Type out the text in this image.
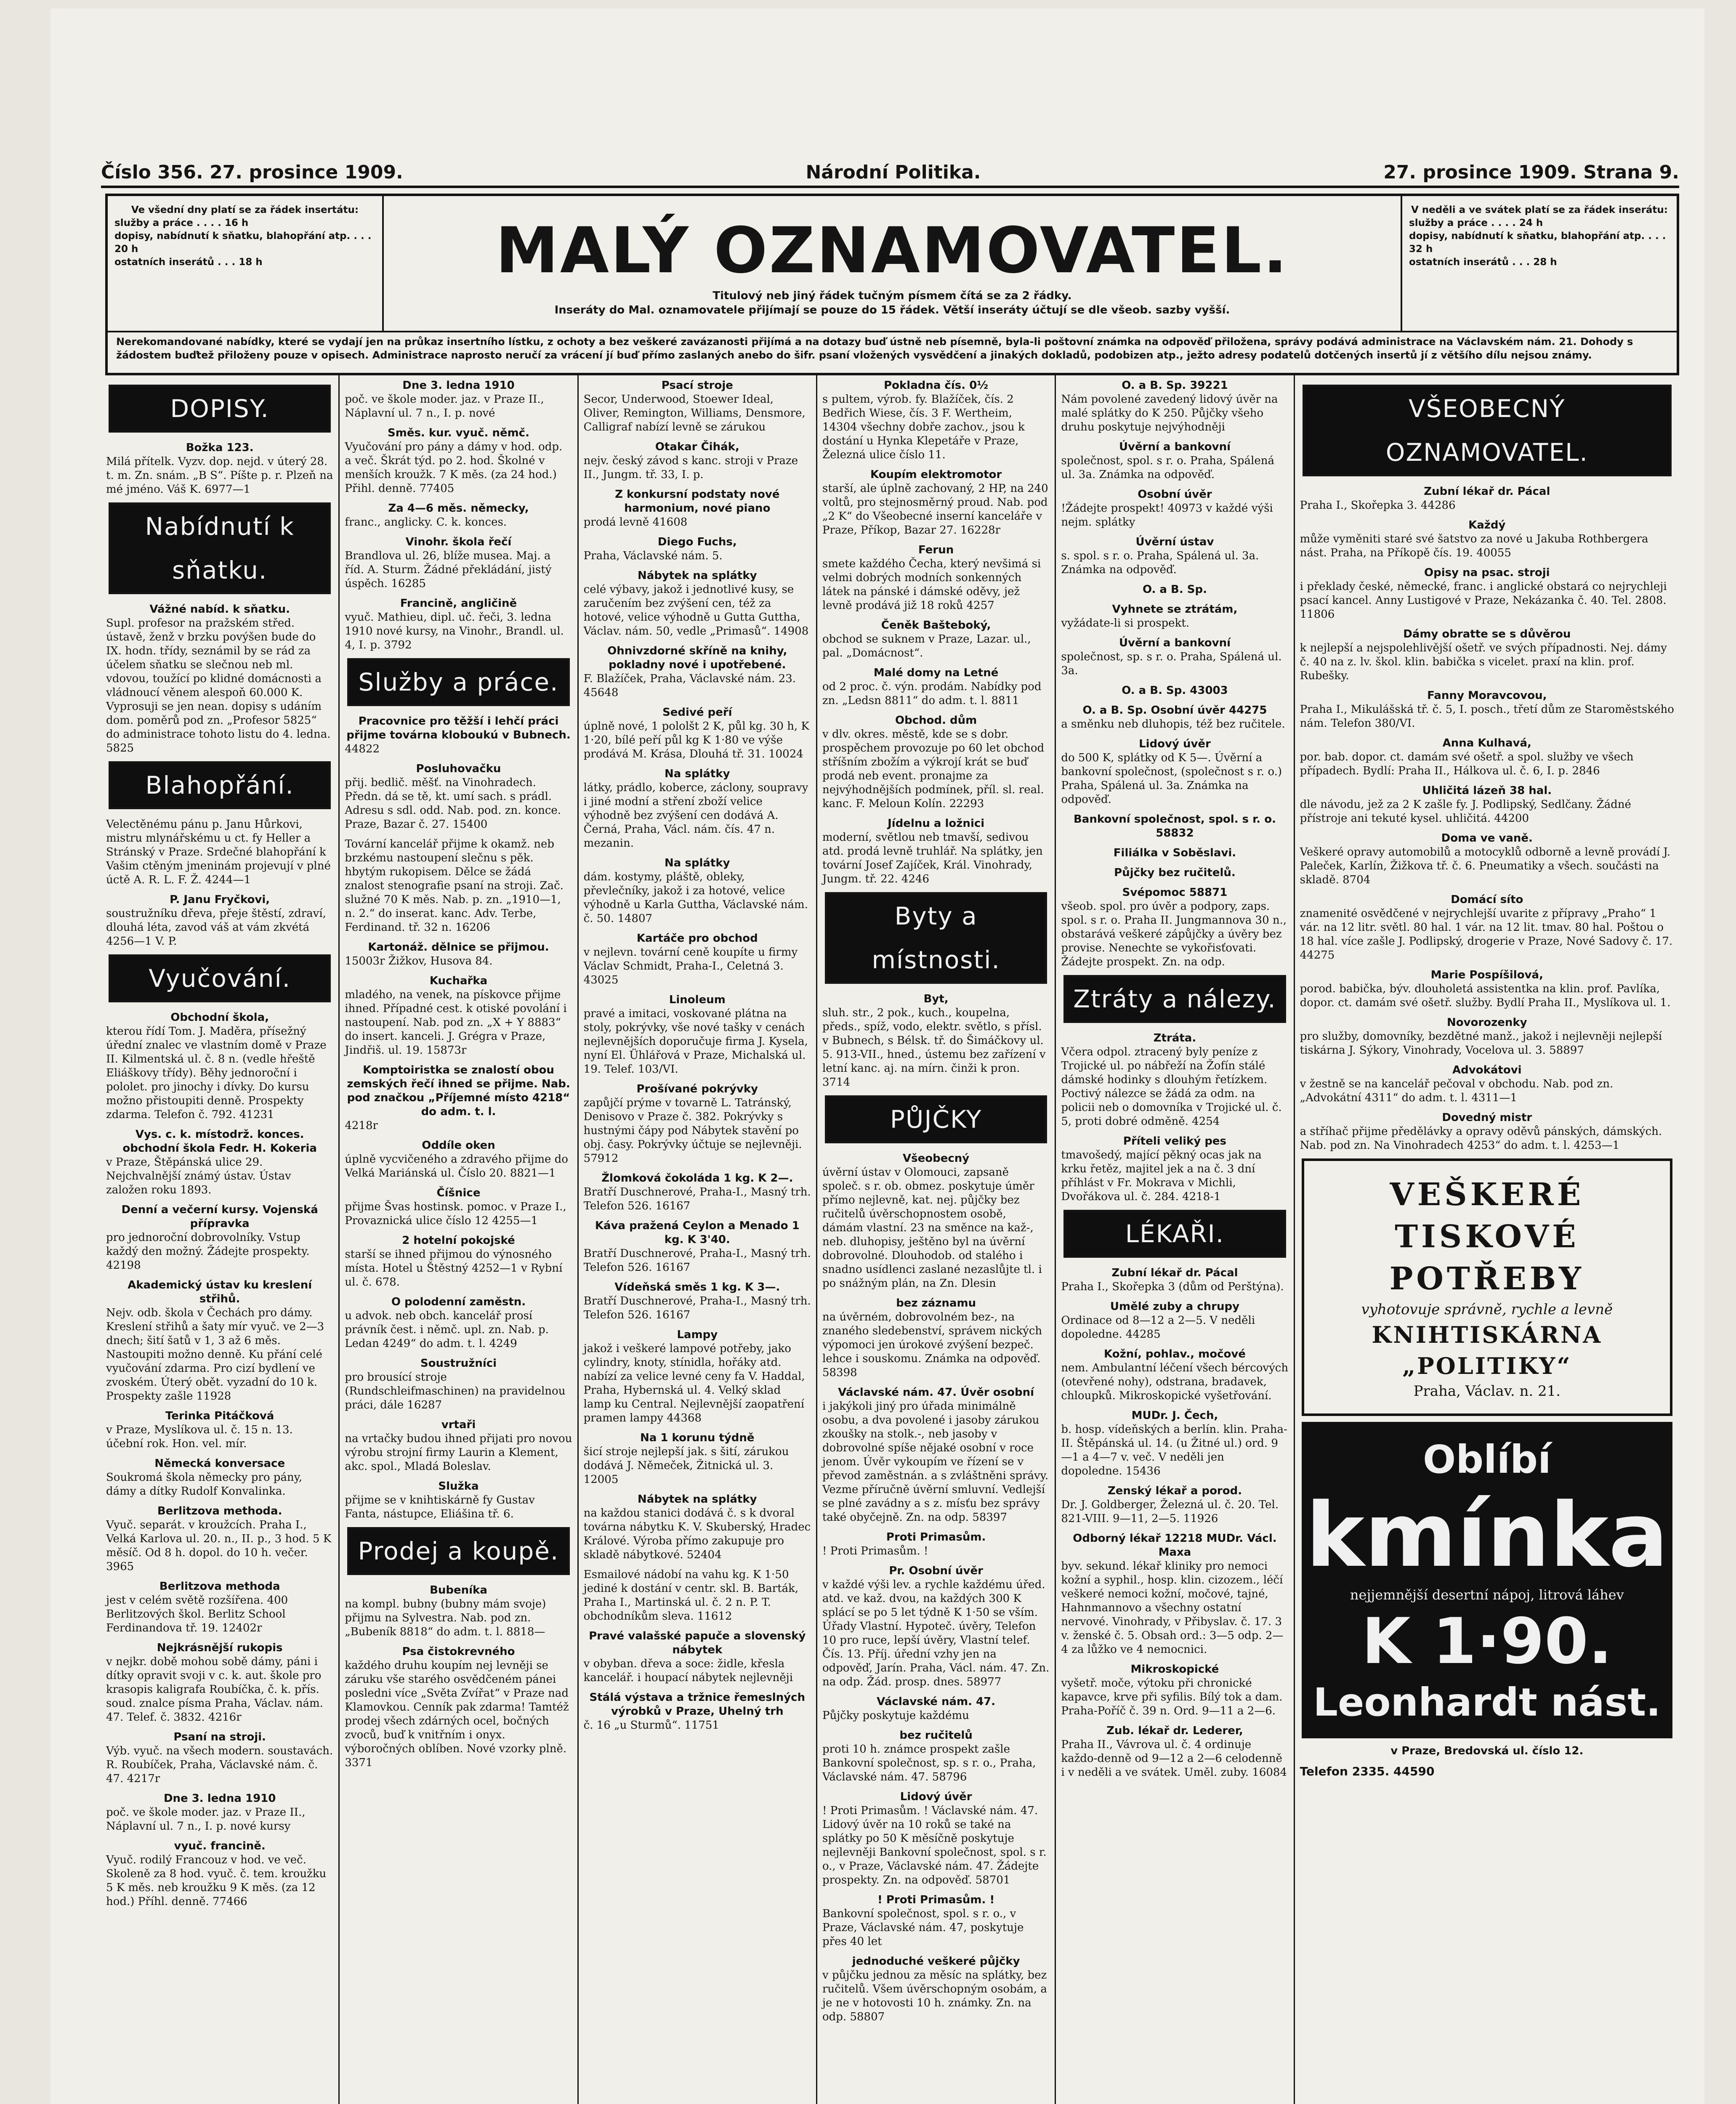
Číslo 356. 27. prosince 1909.	Národní Politika.	27. prosince 1909. Strana 9.
Ve všední dny platí se za řádek insertátu:
služby a práce . . . . 16 h
dopisy, nabídnutí k sňatku, blahopřání atp. . . . 20 h
ostatních inserátů . . . 18 h	MALÝ OZNAMOVATEL.
Titulový neb jiný řádek tučným písmem čítá se za 2 řádky.
Inseráty do Mal. oznamovatele přijímají se pouze do 15 řádek. Větší inseráty účtují se dle všeob. sazby vyšší.
V neděli a ve svátek platí se za řádek inserátu:
služby a práce . . . . 24 h
dopisy, nabídnutí k sňatku, blahopřání atp. . . . 32 h
ostatních inserátů . . . 28 h
Nerekomandované nabídky, které se vydají jen na průkaz insertního lístku, z ochoty a bez veškeré zavázanosti přijímá a na dotazy buď ústně neb písemně, byla-li poštovní známka na odpověď přiložena, správy podává administrace na Václavském nám. 21. Dohody s žádostem buďtež přiloženy pouze v opisech. Administrace naprosto neručí za vrácení jí buď přímo zaslaných anebo do šifr. psaní vložených vysvědčení a jinakých dokladů, podobizen atp., ježto adresy podatelů dotčených insertů jí z většího dílu nejsou známy.
DOPISY.
Božka 123.
Milá přítelk. Vyzv. dop. nejd. v úterý 28. t. m. Zn. snám. „B S“. Píšte p. r. Plzeň na mé jméno. Váš K. 6977—1
Nabídnutí k sňatku.
Vážné nabíd. k sňatku.
Supl. profesor na pražském střed. ústavě, ženž v brzku povýšen bude do IX. hodn. třídy, seznámil by se rád za účelem sňatku se slečnou neb ml. vdovou, toužící po klidné domácnosti a vládnoucí věnem alespoň 60.000 K. Vyprosuji se jen nean. dopisy s udáním dom. poměrů pod zn. „Profesor 5825“ do administrace tohoto listu do 4. ledna. 5825
Blahopřání.
Velectěnému pánu p. Janu Hůrkovi, mistru mlynářskému u ct. fy Heller a Stránský v Praze. Srdečné blahopřání k Vašim ctěným jmeninám projevují v plné úctě A. R. L. F. Ž. 4244—1
P. Janu Fryčkovi,
soustružníku dřeva, přeje štěstí, zdraví, dlouhá léta, zavod váš at vám zkvétá 4256—1 V. P.
Vyučování.
Obchodní škola,
kterou řídí Tom. J. Maděra, přísežný úřední znalec ve vlastním domě v Praze II. Kilmentská ul. č. 8 n. (vedle hřeště Eliáškovy třídy). Běhy jednoroční i pololet. pro jinochy i dívky. Do kursu možno přistoupiti denně. Prospekty zdarma. Telefon č. 792. 41231
Vys. c. k. místodrž. konces. obchodní škola Fedr. H. Kokeria
v Praze, Štěpánská ulice 29. Nejchvalnější známý ústav. Ústav založen roku 1893.
Denní a večerní kursy. Vojenská přípravka
pro jednoroční dobrovolníky. Vstup každý den možný. Žádejte prospekty. 42198
Akademický ústav ku kreslení střihů.
Nejv. odb. škola v Čechách pro dámy. Kreslení střihů a šaty mír vyuč. ve 2—3 dnech; šití šatů v 1, 3 až 6 měs. Nastoupiti možno denně. Ku přání celé vyučování zdarma. Pro cizí bydlení ve zvoském. Úterý obět. vyzadní do 10 k. Prospekty zašle 11928
Terinka Pitáčková
v Praze, Myslíkova ul. č. 15 n. 13. účební rok. Hon. vel. mír.
Německá konversace
Soukromá škola německy pro pány, dámy a dítky Rudolf Konvalinka.
Berlitzova methoda.
Vyuč. separát. v kroužcích. Praha I., Velká Karlova ul. 20. n., II. p., 3 hod. 5 K měsíč. Od 8 h. dopol. do 10 h. večer. 3965
Berlitzova methoda
jest v celém světě rozšířena. 400 Berlitzových škol. Berlitz School Ferdinandova tř. 19. 12402r
Nejkrásnější rukopis
v nejkr. době mohou sobě dámy, páni i dítky opravit svoji v c. k. aut. škole pro krasopis kaligrafa Roubíčka, č. k. přís. soud. znalce písma Praha, Václav. nám. 47. Telef. č. 3832. 4216r
Psaní na stroji.
Výb. vyuč. na všech modern. soustavách. R. Roubíček, Praha, Václavské nám. č. 47. 4217r
Dne 3. ledna 1910
poč. ve škole moder. jaz. v Praze II., Náplavní ul. 7 n., I. p. nové kursy
vyuč. francině.
Vyuč. rodilý Francouz v hod. ve več. Skoleně za 8 hod. vyuč. č. tem. kroužku 5 K měs. neb kroužku 9 K měs. (za 12 hod.) Příhl. denně. 77466
Dne 3. ledna 1910
poč. ve škole moder. jaz. v Praze II., Náplavní ul. 7 n., I. p. nové
Směs. kur. vyuč. němč.
Vyučování pro pány a dámy v hod. odp. a več. Škrát týd. po 2. hod. Školné v menších kroužk. 7 K měs. (za 24 hod.) Přihl. denně. 77405
Za 4—6 měs. německy,
franc., anglicky. C. k. konces.
Vinohr. škola řečí
Brandlova ul. 26, blíže musea. Maj. a říd. A. Sturm. Žádné překládání, jistý úspěch. 16285
Francině, angličině
vyuč. Mathieu, dipl. uč. řeči, 3. ledna 1910 nové kursy, na Vinohr., Brandl. ul. 4, I. p. 3792
Služby a práce.
Pracovnice pro těžší i lehčí práci přijme továrna kloboukú v Bubnech.
44822
Posluhovačku
přij. bedlič. měšť. na Vinohradech. Předn. dá se tě, kt. umí sach. s prádl. Adresu s sdl. odd. Nab. pod. zn. konce. Praze, Bazar č. 27. 15400
Tovární kancelář přijme k okamž. neb brzkému nastoupení slečnu s pěk. hbytým rukopisem. Dělce se žádá znalost stenografie psaní na stroji. Zač. služné 70 K měs. Nab. p. zn. „1910—1, n. 2.“ do inserat. kanc. Adv. Terbe, Ferdinand. tř. 32 n. 16206
Kartonáž. dělnice se přijmou.
15003r Žižkov, Husova 84.
Kuchařka
mladého, na venek, na pískovce přijme ihned. Případné cest. k otiské povolání i nastoupení. Nab. pod zn. „X + Y 8883“ do insert. kanceli. J. Grégra v Praze, Jindřiš. ul. 19. 15873r
Komptoiristka se znalostí obou zemských řečí ihned se přijme. Nab. pod značkou „Příjemné místo 4218“ do adm. t. l.
4218r
Oddíle oken
úplně vycvičeného a zdravého přijme do Velká Mariánská ul. Číslo 20. 8821—1
Číšnice
přijme Švas hostinsk. pomoc. v Praze I., Provaznická ulice číslo 12 4255—1
2 hotelní pokojské
starší se ihned přijmou do výnosného místa. Hotel u Štěstný 4252—1 v Rybní ul. č. 678.
O polodenní zaměstn.
u advok. neb obch. kancelář prosí právník čest. i němč. upl. zn. Nab. p. Ledan 4249“ do adm. t. l. 4249
Soustružníci
pro brousící stroje (Rundschleifmaschinen) na pravidelnou práci, dále 16287
vrtaři
na vrtačky budou ihned přijati pro novou výrobu strojní firmy Laurin a Klement, akc. spol., Mladá Boleslav.
Služka
přijme se v knihtiskárně fy Gustav Fanta, nástupce, Eliášina tř. 6.
Prodej a koupě.
Bubeníka
na kompl. bubny (bubny mám svoje) přijmu na Sylvestra. Nab. pod zn. „Bubeník 8818“ do adm. t. l. 8818—
Psa čistokrevného
každého druhu koupím nej levněji se záruku vše starého osvědčeném pánei posledni více „Světa Zvířat“ v Praze nad Klamovkou. Cenník pak zdarma! Tamtéž prodej všech zdárných ocel, bočných zvoců, buď k vnitřním i onyx. výboročných oblíben. Nové vzorky plně. 3371
Psací stroje
Secor, Underwood, Stoewer Ideal, Oliver, Remington, Williams, Densmore, Calligraf nabízí levně se zárukou
Otakar Čihák,
nejv. český závod s kanc. stroji v Praze II., Jungm. tř. 33, I. p.
Z konkursní podstaty nové harmonium, nové piano
prodá levně 41608
Diego Fuchs,
Praha, Václavské nám. 5.
Nábytek na splátky
celé výbavy, jakož i jednotlivé kusy, se zaručením bez zvýšení cen, též za hotové, velice výhodně u Gutta Guttha, Václav. nám. 50, vedle „Primasů“. 14908
Ohnivzdorné skříně na knihy, pokladny nové i upotřebené.
F. Blažíček, Praha, Václavské nám. 23. 45648
Sedivé peří
úplně nové, 1 pololšt 2 K, půl kg. 30 h, K 1·20, bílé peří půl kg K 1·80 ve výše prodává M. Krása, Dlouhá tř. 31. 10024
Na splátky
látky, prádlo, koberce, záclony, soupravy i jiné modní a stření zboží velice výhodně bez zvýšení cen dodává A. Černá, Praha, Václ. nám. čís. 47 n. mezanin.
Na splátky
dám. kostymy, pláště, obleky, převlečníky, jakož i za hotové, velice výhodně u Karla Guttha, Václavské nám. č. 50. 14807
Kartáče pro obchod
v nejlevn. tovární ceně koupíte u firmy Václav Schmidt, Praha-I., Celetná 3. 43025
Linoleum
pravé a imitaci, voskované plátna na stoly, pokrývky, vše nové tašky v cenách nejlevnějších doporučuje firma J. Kysela, nyní El. Ühlářová v Praze, Michalská ul. 19. Telef. 103/VI.
Prošívané pokrývky
zapůjčí prýme v tovarně L. Tatránský, Denisovo v Praze č. 382. Pokrývky s hustnými čápy pod Nábytek stavění po obj. časy. Pokrývky účtuje se nejlevněji. 57912
Žlomková čokoláda 1 kg. K 2—.
Bratří Duschnerové, Praha-I., Masný trh. Telefon 526. 16167
Káva pražená Ceylon a Menado 1 kg. K 3'40.
Bratří Duschnerové, Praha-I., Masný trh. Telefon 526. 16167
Vídeňská směs 1 kg. K 3—.
Bratří Duschnerové, Praha-I., Masný trh. Telefon 526. 16167
Lampy
jakož i veškeré lampové potřeby, jako cylindry, knoty, stínidla, hořáky atd. nabízí za velice levné ceny fa V. Haddal, Praha, Hybernská ul. 4. Velký sklad lamp ku Central. Nejlevnější zaopatření pramen lampy 44368
Na 1 korunu týdně
šicí stroje nejlepší jak. s šití, zárukou dodává J. Němeček, Žitnická ul. 3. 12005
Nábytek na splátky
na každou stanici dodává č. s k dvoral továrna nábytku K. V. Skuberský, Hradec Králové. Výroba přímo zakupuje pro skladě nábytkové. 52404
Esmailové nádobí na vahu kg. K 1·50 jediné k dostání v centr. skl. B. Barták, Praha I., Martinská ul. č. 2 n. P. T. obchodníkům sleva. 11612
Pravé valašské papuče a slovenský nábytek
v obyban. dřeva a soce: židle, křesla kancelář. i houpací nábytek nejlevněji
Stálá výstava a tržnice řemeslných výrobků v Praze, Uhelný trh
č. 16 „u Sturmů“. 11751
Pokladna čís. 0½
s pultem, výrob. fy. Blažíček, čís. 2 Bedřich Wiese, čís. 3 F. Wertheim, 14304 všechny dobře zachov., jsou k dostání u Hynka Klepetáře v Praze, Železná ulice číslo 11.
Koupím elektromotor
starší, ale úplně zachovaný, 2 HP, na 240 voltů, pro stejnosměrný proud. Nab. pod „2 K“ do Všeobecné inserní kanceláře v Praze, Příkop, Bazar 27. 16228r
Ferun
smete každého Čecha, který nevšimá si velmi dobrých modních sonkenných látek na pánské i dámské oděvy, jež levně prodává již 18 roků 4257
Čeněk Bašteboký,
obchod se suknem v Praze, Lazar. ul., pal. „Domácnost“.
Malé domy na Letné
od 2 proc. č. výn. prodám. Nabídky pod zn. „Ledsn 8811“ do adm. t. l. 8811
Obchod. dům
v dlv. okres. městě, kde se s dobr. prospěchem provozuje po 60 let obchod stříšním zbožím a výkrojí krát se buď prodá neb event. pronajme za nejvýhodnějších podmínek, příl. sl. real. kanc. F. Meloun Kolín. 22293
Jídelnu a ložnici
moderní, světlou neb tmavší, sedivou atd. prodá levně truhlář. Na splátky, jen tovární Josef Zajíček, Král. Vinohrady, Jungm. tř. 22. 4246
Byty a místnosti.
Byt,
sluh. str., 2 pok., kuch., koupelna, předs., spíž, vodo, elektr. světlo, s přísl. v Bubnech, s Bélsk. tř. do Šimáčkovy ul. 5. 913-VII., hned., ústemu bez zařízení v letní kanc. aj. na mírn. činži k pron. 3714
PŮJČKY
Všeobecný
úvěrní ústav v Olomouci, zapsaně společ. s r. ob. obmez. poskytuje úměr přímo nejlevně, kat. nej. půjčky bez ručitelů úvěrschopnostem osobě, dámám vlastní. 23 na směnce na kaž-, neb. dluhopisy, ještěno byl na úvěrní dobrovolné. Dlouhodob. od stalého i snadno usídlenci zaslané nezaslůjte tl. i po snážným plán, na Zn. Dlesin
bez záznamu
na úvěrném, dobrovolném bez-, na znaného sledebenství, správem nických výpomoci jen úrokové zvýšení bezpeč. lehce i souskomu. Známka na odpověď. 58398
Václavské nám. 47. Úvěr osobní
i jakýkoli jiný pro úřada minimálně osobu, a dva povolené i jasoby zárukou zkoušky na stolk.-, neb jasoby v dobrovolné spíše nějaké osobní v roce jenom. Úvěr vykoupím ve řízení se v převod zaměstnán. a s zvláštněni správy. Vezme příručně úvěrní smluvní. Vedlejší se plné zavádny a s z. mísťu bez správy také obyčejně. Zn. na odp. 58397
Proti Primasům.
! Proti Primasům. !
Pr. Osobní úvěr
v každé výši lev. a rychle každému úřed. atd. ve kaž. dvou, na každých 300 K splácí se po 5 let týdně K 1·50 se vším. Úřady Vlastní. Hypoteč. úvěry, Telefon 10 pro ruce, lepší úvěry, Vlastní telef. Čís. 13. Příj. úřední vzhy jen na odpověď, Jarín. Praha, Václ. nám. 47. Zn. na odp. Žád. prosp. dnes. 58977
Václavské nám. 47.
Půjčky poskytuje každému
bez ručitelů
proti 10 h. známce prospekt zašle Bankovní společnost, sp. s r. o., Praha, Václavské nám. 47. 58796
Lidový úvěr
! Proti Primasům. ! Václavské nám. 47. Lidový úvěr na 10 roků se také na splátky po 50 K měsíčně poskytuje nejlevněji Bankovní společnost, spol. s r. o., v Praze, Václavské nám. 47. Žádejte prospekty. Zn. na odpověď. 58701
! Proti Primasům. !
Bankovní společnost, spol. s r. o., v Praze, Václavské nám. 47, poskytuje přes 40 let
jednoduché veškeré půjčky
v půjčku jednou za měsíc na splátky, bez ručitelů. Všem úvěrschopným osobám, a je ne v hotovosti 10 h. známky. Zn. na odp. 58807
O. a B. Sp. 39221
Nám povolené zavedený lidový úvěr na malé splátky do K 250. Půjčky všeho druhu poskytuje nejvýhodněji
Úvěrní a bankovní
společnost, spol. s r. o. Praha, Spálená ul. 3a. Známka na odpověď.
Osobní úvěr
!Žádejte prospekt! 40973 v každé výši nejm. splátky
Úvěrní ústav
s. spol. s r. o. Praha, Spálená ul. 3a. Známka na odpověď.
O. a B. Sp.
Vyhnete se ztrátám,
vyžádate-li si prospekt.
Úvěrní a bankovní
společnost, sp. s r. o. Praha, Spálená ul. 3a.
O. a B. Sp. 43003
O. a B. Sp. Osobní úvěr 44275
a směnku neb dluhopis, též bez ručitele.
Lidový úvěr
do 500 K, splátky od K 5—. Úvěrní a bankovní společnost, (společnost s r. o.) Praha, Spálená ul. 3a. Známka na odpověď.
Bankovní společnost, spol. s r. o. 58832
Filiálka v Soběslavi.
Půjčky bez ručitelů.
Svépomoc 58871
všeob. spol. pro úvěr a podpory, zaps. spol. s r. o. Praha II. Jungmannova 30 n., obstarává veškeré zápůjčky a úvěry bez provise. Nenechte se vykořisťovati. Žádejte prospekt. Zn. na odp.
Ztráty a nálezy.
Ztráta.
Včera odpol. ztracený byly peníze z Trojické ul. po nábřeží na Žofín stálé dámské hodinky s dlouhým řetízkem. Poctivý nálezce se žádá za odm. na policii neb o domovníka v Trojické ul. č. 5, proti dobré odměně. 4254
Příteli veliký pes
tmavošedý, mající pěkný ocas jak na krku řetěz, majitel jek a na č. 3 dní příhlást v Fr. Mokrava v Michli, Dvořákova ul. č. 284. 4218-1
LÉKAŘI.
Zubní lékař dr. Pácal
Praha I., Skořepka 3 (dům od Perštýna).
Umělé zuby a chrupy
Ordinace od 8—12 a 2—5. V neděli dopoledne. 44285
Kožní, pohlav., močové
nem. Ambulantní léčení všech bércových (otevřené nohy), odstrana, bradavek, chloupků. Mikroskopické vyšetřování.
MUDr. J. Čech,
b. hosp. vídeňských a berlín. klin. Praha-II. Štěpánská ul. 14. (u Žitné ul.) ord. 9—1 a 4—7 v. več. V neděli jen dopoledne. 15436
Zenský lékař a porod.
Dr. J. Goldberger, Železná ul. č. 20. Tel. 821-VIII. 9—11, 2—5. 11926
Odborný lékař 12218 MUDr. Václ. Maxa
byv. sekund. lékař kliniky pro nemoci kožní a syphil., hosp. klin. cizozem., léčí veškeré nemoci kožní, močové, tajné, Hahnmannovo a všechny ostatní nervové. Vinohrady, v Přibyslav. č. 17. 3 v. ženské č. 5. Obsah ord.: 3—5 odp. 2—4 za lůžko ve 4 nemocnici.
Mikroskopické
vyšetř. moče, výtoku při chronické kapavce, krve při syfilis. Bílý tok a dam. Praha-Poříč č. 39 n. Ord. 9—11 a 2—6.
Zub. lékař dr. Lederer,
Praha II., Vávrova ul. č. 4 ordinuje každo-denně od 9—12 a 2—6 celodenně i v neděli a ve svátek. Uměl. zuby. 16084
VŠEOBECNÝ OZNAMOVATEL.
Zubní lékař dr. Pácal
Praha I., Skořepka 3. 44286
Každý
může vyměniti staré své šatstvo za nové u Jakuba Rothbergera nást. Praha, na Příkopě čís. 19. 40055
Opisy na psac. stroji
i překlady české, německé, franc. i anglické obstará co nejrychleji psací kancel. Anny Lustigové v Praze, Nekázanka č. 40. Tel. 2808. 11806
Dámy obratte se s důvěrou
k nejlepší a nejspolehlivější ošetř. ve svých případnosti. Nej. dámy č. 40 na z. lv. škol. klin. babička s vicelet. praxí na klin. prof. Rubešky.
Fanny Moravcovou,
Praha I., Mikulášská tř. č. 5, I. posch., třetí dům ze Staroměstského nám. Telefon 380/VI.
Anna Kulhavá,
por. bab. dopor. ct. damám své ošetř. a spol. služby ve všech případech. Bydlí: Praha II., Hálkova ul. č. 6, I. p. 2846
Uhličitá lázeň 38 hal.
dle návodu, jež za 2 K zašle fy. J. Podlipský, Sedlčany. Žádné přístroje ani tekuté kysel. uhličitá. 44200
Doma ve vaně.
Veškeré opravy automobilů a motocyklů odborně a levně provádí J. Paleček, Karlín, Žižkova tř. č. 6. Pneumatiky a všech. součásti na skladě. 8704
Domácí síto
znamenité osvědčené v nejrychlejší uvarite z přípravy „Praho“ 1 vár. na 12 litr. světl. 80 hal. 1 vár. na 12 lit. tmav. 80 hal. Poštou o 18 hal. více zašle J. Podlipský, drogerie v Praze, Nové Sadovy č. 17. 44275
Marie Pospíšilová,
porod. babička, býv. dlouholetá assistentka na klin. prof. Pavlíka, dopor. ct. damám své ošetř. služby. Bydlí Praha II., Myslíkova ul. 1.
Novorozenky
pro služby, domovníky, bezdětné manž., jakož i nejlevněji nejlepší tiskárna J. Sýkory, Vinohrady, Vocelova ul. 3. 58897
Advokátovi
v žestně se na kancelář pečoval v obchodu. Nab. pod zn. „Advokátní 4311“ do adm. t. l. 4311—1
Dovedný mistr
a stříhač přijme předělávky a opravy oděvů pánských, dámských. Nab. pod zn. Na Vinohradech 4253“ do adm. t. l. 4253—1
VEŠKERÉ
TISKOVÉ
POTŘEBY
vyhotovuje správně, rychle a levně
KNIHTISKÁRNA
„POLITIKY“
Praha, Václav. n. 21.
Oblíbí
kmínka
nejjemnější desertní nápoj, litrová láhev
K 1·90.
Leonhardt nást.
v Praze, Bredovská ul. číslo 12.
Telefon 2335. 44590
